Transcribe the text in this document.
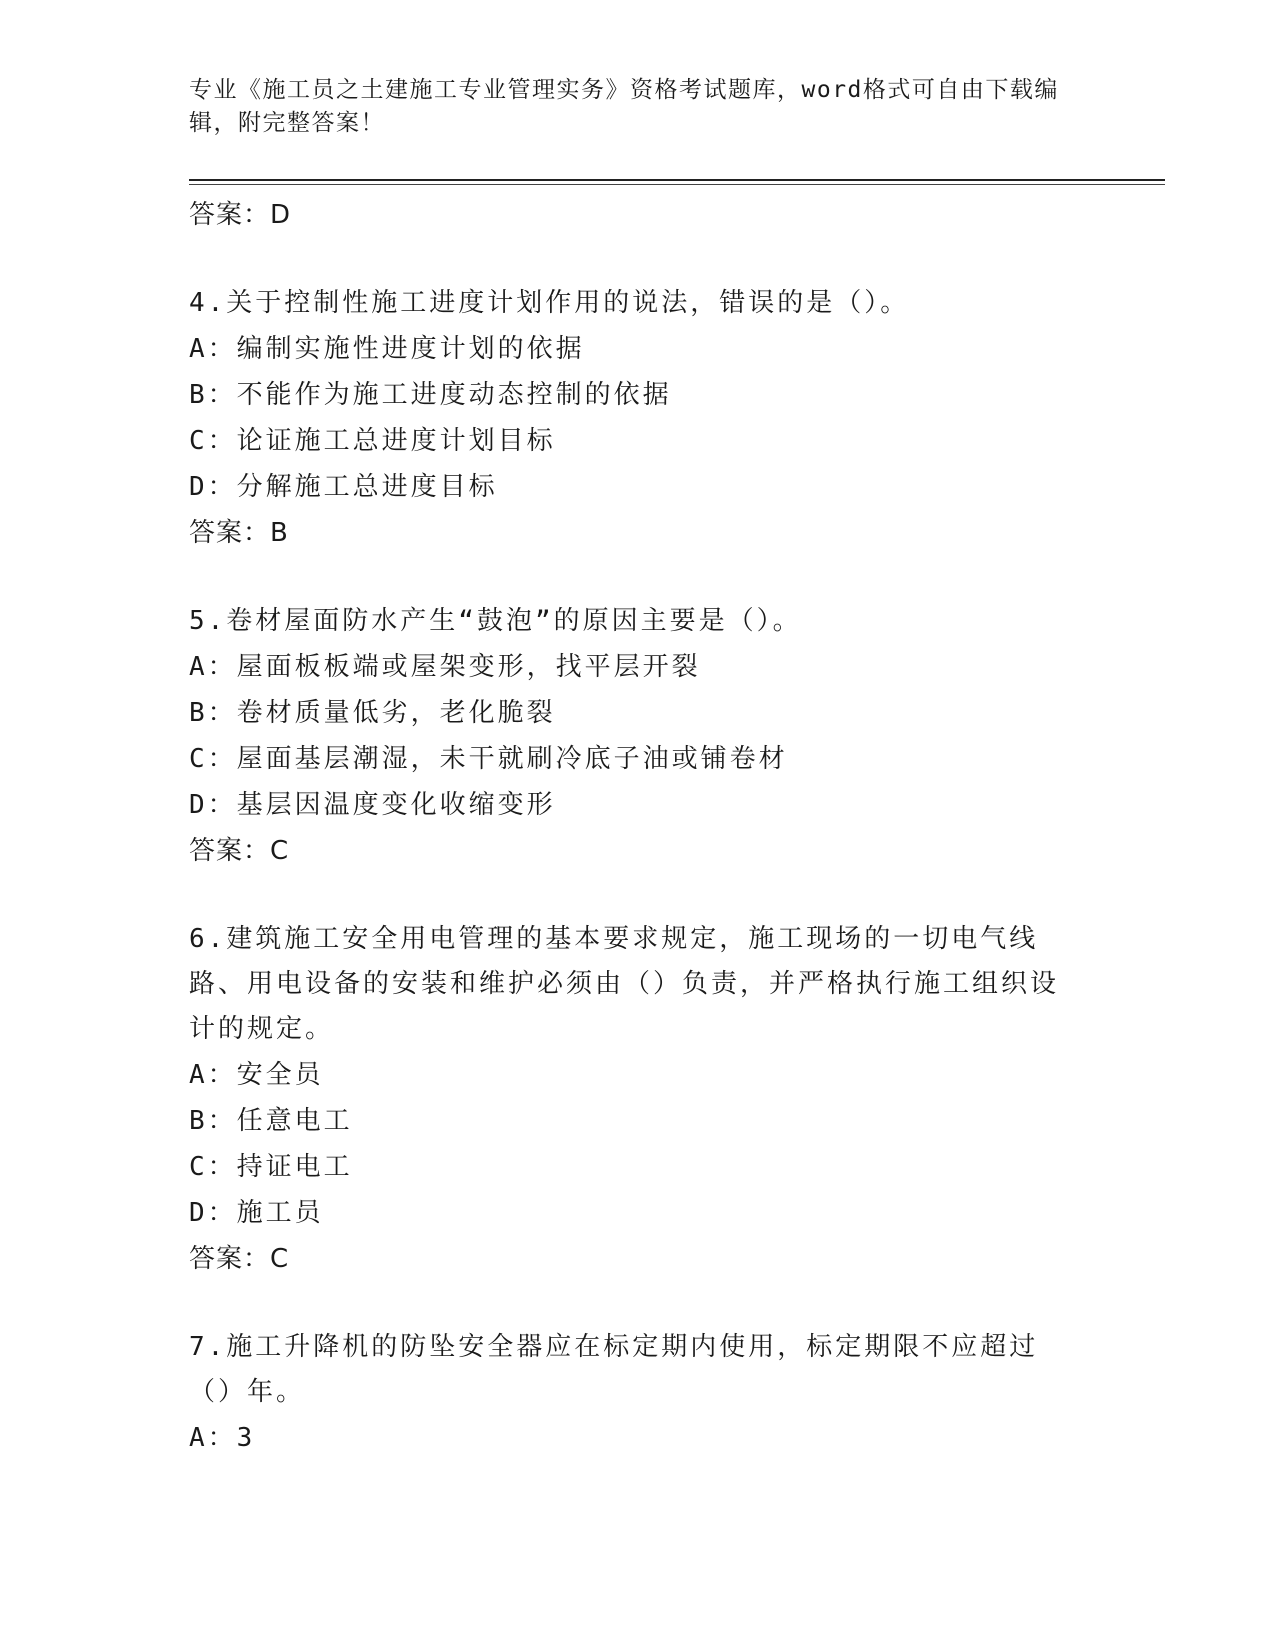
专业《施工员之土建施工专业管理实务》资格考试题库，word格式可自由下载编辑，附完整答案！
答案：D
4.关于控制性施工进度计划作用的说法，错误的是（）。
A：编制实施性进度计划的依据
B：不能作为施工进度动态控制的依据
C：论证施工总进度计划目标
D：分解施工总进度目标
答案：B
5.卷材屋面防水产生“鼓泡”的原因主要是（）。
A：屋面板板端或屋架变形，找平层开裂
B：卷材质量低劣，老化脆裂
C：屋面基层潮湿，未干就刷冷底子油或铺卷材
D：基层因温度变化收缩变形
答案：C
6.建筑施工安全用电管理的基本要求规定，施工现场的一切电气线路、用电设备的安装和维护必须由（）负责，并严格执行施工组织设计的规定。
A：安全员
B：任意电工
C：持证电工
D：施工员
答案：C
7.施工升降机的防坠安全器应在标定期内使用，标定期限不应超过（）年。
A：3
